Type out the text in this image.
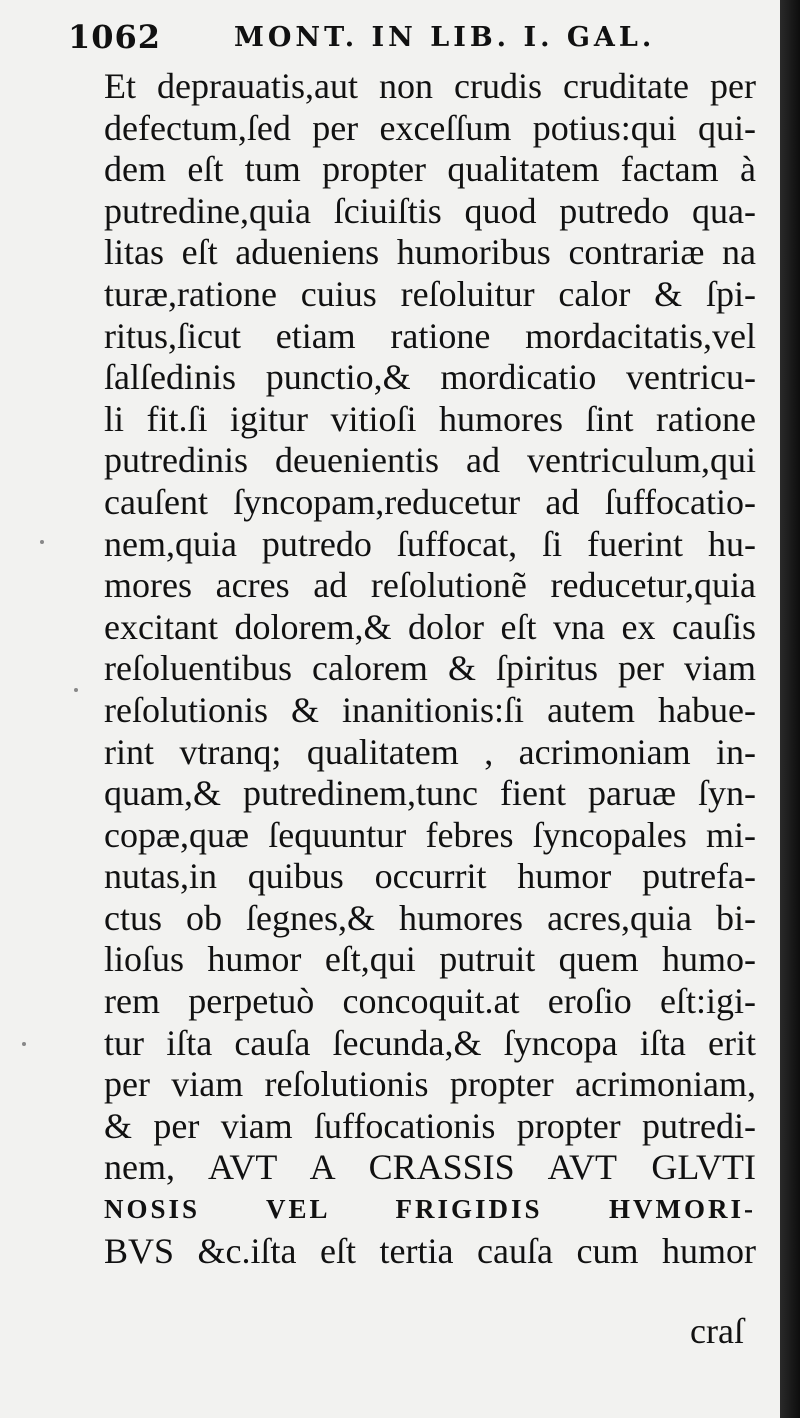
1062	MONT. IN LIB. I. GAL.
Et deprauatis,aut non crudis cruditate per
defectum,ſed per exceſſum potius:qui qui-
dem eſt tum propter qualitatem factam à
putredine,quia ſciuiſtis quod putredo qua-
litas eſt adueniens humoribus contrariæ na
turæ,ratione cuius reſoluitur calor & ſpi-
ritus,ſicut etiam ratione mordacitatis,vel
ſalſedinis punctio,& mordicatio ventricu-
li fit.ſi igitur vitioſi humores ſint ratione
putredinis deuenientis ad ventriculum,qui
cauſent ſyncopam,reducetur ad ſuffocatio-
nem,quia putredo ſuffocat, ſi fuerint hu-
mores acres ad reſolutionẽ reducetur,quia
excitant dolorem,& dolor eſt vna ex cauſis
reſoluentibus calorem & ſpiritus per viam
reſolutionis & inanitionis:ſi autem habue-
rint vtranq; qualitatem , acrimoniam in-
quam,& putredinem,tunc fient paruæ ſyn-
copæ,quæ ſequuntur febres ſyncopales mi-
nutas,in quibus occurrit humor putrefa-
ctus ob ſegnes,& humores acres,quia bi-
lioſus humor eſt,qui putruit quem humo-
rem perpetuò concoquit.at eroſio eſt:igi-
tur iſta cauſa ſecunda,& ſyncopa iſta erit
per viam reſolutionis propter acrimoniam,
& per viam ſuffocationis propter putredi-
nem, AVT A CRASSIS AVT GLVTI
NOSIS VEL FRIGIDIS HVMORI-
BVS &c.iſta eſt tertia cauſa cum humor
craſ
